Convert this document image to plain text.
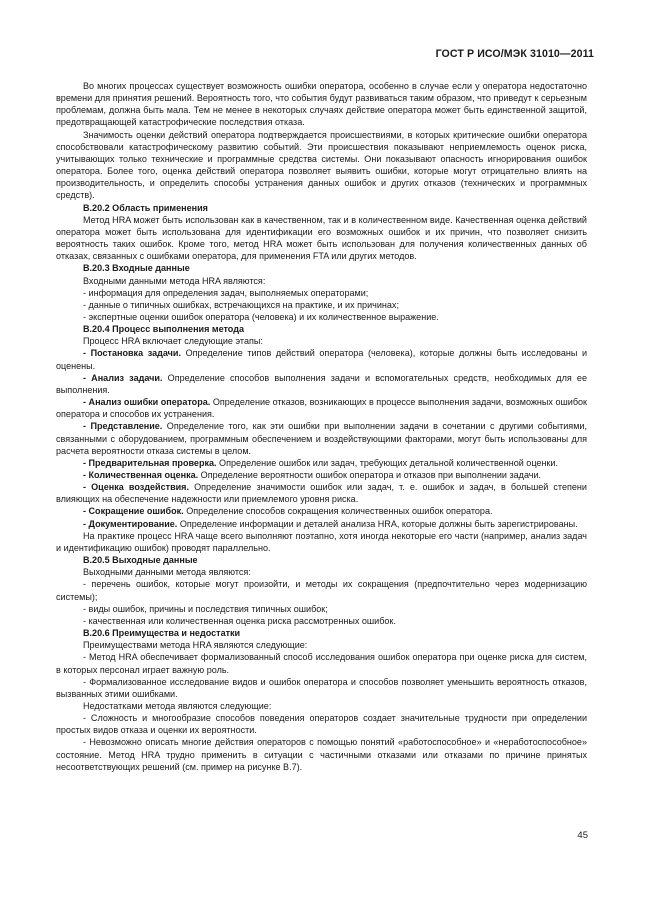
ГОСТ Р ИСО/МЭК 31010—2011

Во многих процессах существует возможность ошибки оператора, особенно в случае если у оператора недостаточно времени для принятия решений. Вероятность того, что события будут развиваться таким образом, что приведут к серьезным проблемам, должна быть мала. Тем не менее в некоторых случаях действие оператора может быть единственной защитой, предотвращающей катастрофические последствия отказа.

Значимость оценки действий оператора подтверждается происшествиями, в которых критические ошибки оператора способствовали катастрофическому развитию событий. Эти происшествия показывают неприемлемость оценок риска, учитывающих только технические и программные средства системы. Они показывают опасность игнорирования ошибок оператора. Более того, оценка действий оператора позволяет выявить ошибки, которые могут отрицательно влиять на производительность, и определить способы устранения данных ошибок и других отказов (технических и программных средств).

В.20.2 Область применения

Метод HRA может быть использован как в качественном, так и в количественном виде. Качественная оценка действий оператора может быть использована для идентификации его возможных ошибок и их причин, что позволяет снизить вероятность таких ошибок. Кроме того, метод HRA может быть использован для получения количественных данных об отказах, связанных с ошибками оператора, для применения FTA или других методов.

В.20.3 Входные данные

Входными данными метода HRA являются:

- информация для определения задач, выполняемых операторами;

- данные о типичных ошибках, встречающихся на практике, и их причинах;

- экспертные оценки ошибок оператора (человека) и их количественное выражение.

В.20.4 Процесс выполнения метода

Процесс HRA включает следующие этапы:

- Постановка задачи. Определение типов действий оператора (человека), которые должны быть исследованы и оценены.

- Анализ задачи. Определение способов выполнения задачи и вспомогательных средств, необходимых для ее выполнения.

- Анализ ошибки оператора. Определение отказов, возникающих в процессе выполнения задачи, возможных ошибок оператора и способов их устранения.

- Представление. Определение того, как эти ошибки при выполнении задачи в сочетании с другими событиями, связанными с оборудованием, программным обеспечением и воздействующими факторами, могут быть использованы для расчета вероятности отказа системы в целом.

- Предварительная проверка. Определение ошибок или задач, требующих детальной количественной оценки.

- Количественная оценка. Определение вероятности ошибок оператора и отказов при выполнении задачи.

- Оценка воздействия. Определение значимости ошибок или задач, т. е. ошибок и задач, в большей степени влияющих на обеспечение надежности или приемлемого уровня риска.

- Сокращение ошибок. Определение способов сокращения количественных ошибок оператора.

- Документирование. Определение информации и деталей анализа HRA, которые должны быть зарегистрированы.

На практике процесс HRA чаще всего выполняют поэтапно, хотя иногда некоторые его части (например, анализ задач и идентификацию ошибок) проводят параллельно.

В.20.5 Выходные данные

Выходными данными метода являются:

- перечень ошибок, которые могут произойти, и методы их сокращения (предпочтительно через модернизацию системы);

- виды ошибок, причины и последствия типичных ошибок;

- качественная или количественная оценка риска рассмотренных ошибок.

В.20.6 Преимущества и недостатки

Преимуществами метода HRA являются следующие:

- Метод HRA обеспечивает формализованный способ исследования ошибок оператора при оценке риска для систем, в которых персонал играет важную роль.

- Формализованное исследование видов и ошибок оператора и способов позволяет уменьшить вероятность отказов, вызванных этими ошибками.

Недостатками метода являются следующие:

- Сложность и многообразие способов поведения операторов создает значительные трудности при определении простых видов отказа и оценки их вероятности.

- Невозможно описать многие действия операторов с помощью понятий «работоспособное» и «неработоспособное» состояние. Метод HRA трудно применить в ситуации с частичными отказами или отказами по причине принятых несоответствующих решений (см. пример на рисунке В.7).

45
